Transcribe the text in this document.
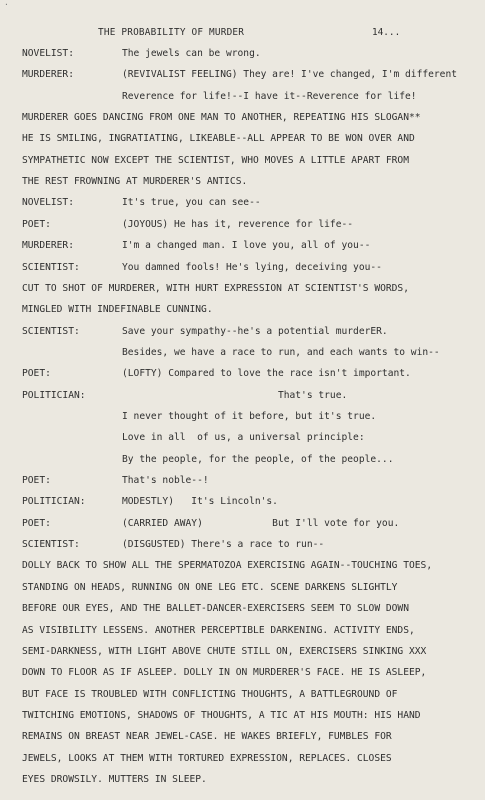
·
THE PROBABILITY OF MURDER	14...
NOVELIST:	The jewels can be wrong.
MURDERER:	(REVIVALIST FEELING) They are! I've changed, I'm different
Reverence for life!--I have it--Reverence for life!
MURDERER GOES DANCING FROM ONE MAN TO ANOTHER, REPEATING HIS SLOGAN**
HE IS SMILING, INGRATIATING, LIKEABLE--ALL APPEAR TO BE WON OVER AND
SYMPATHETIC NOW EXCEPT THE SCIENTIST, WHO MOVES A LITTLE APART FROM
THE REST FROWNING AT MURDERER'S ANTICS.
NOVELIST:	It's true, you can see--
POET:	(JOYOUS) He has it, reverence for life--
MURDERER:	I'm a changed man. I love you, all of you--
SCIENTIST:	You damned fools! He's lying, deceiving you--
CUT TO SHOT OF MURDERER, WITH HURT EXPRESSION AT SCIENTIST'S WORDS,
MINGLED WITH INDEFINABLE CUNNING.
SCIENTIST:	Save your sympathy--he's a potential murderER.
Besides, we have a race to run, and each wants to win--
POET:	(LOFTY) Compared to love the race isn't important.
POLITICIAN:	That's true.
I never thought of it before, but it's true.
Love in all  of us, a universal principle:
By the people, for the people, of the people...
POET:	That's noble--!
POLITICIAN:	MODESTLY)   It's Lincoln's.
POET:	(CARRIED AWAY)            But I'll vote for you.
SCIENTIST:	(DISGUSTED) There's a race to run--
DOLLY BACK TO SHOW ALL THE SPERMATOZOA EXERCISING AGAIN--TOUCHING TOES,
STANDING ON HEADS, RUNNING ON ONE LEG ETC. SCENE DARKENS SLIGHTLY
BEFORE OUR EYES, AND THE BALLET-DANCER-EXERCISERS SEEM TO SLOW DOWN
AS VISIBILITY LESSENS. ANOTHER PERCEPTIBLE DARKENING. ACTIVITY ENDS,
SEMI-DARKNESS, WITH LIGHT ABOVE CHUTE STILL ON, EXERCISERS SINKING XXX
DOWN TO FLOOR AS IF ASLEEP. DOLLY IN ON MURDERER'S FACE. HE IS ASLEEP,
BUT FACE IS TROUBLED WITH CONFLICTING THOUGHTS, A BATTLEGROUND OF
TWITCHING EMOTIONS, SHADOWS OF THOUGHTS, A TIC AT HIS MOUTH: HIS HAND
REMAINS ON BREAST NEAR JEWEL-CASE. HE WAKES BRIEFLY, FUMBLES FOR
JEWELS, LOOKS AT THEM WITH TORTURED EXPRESSION, REPLACES. CLOSES
EYES DROWSILY. MUTTERS IN SLEEP.
